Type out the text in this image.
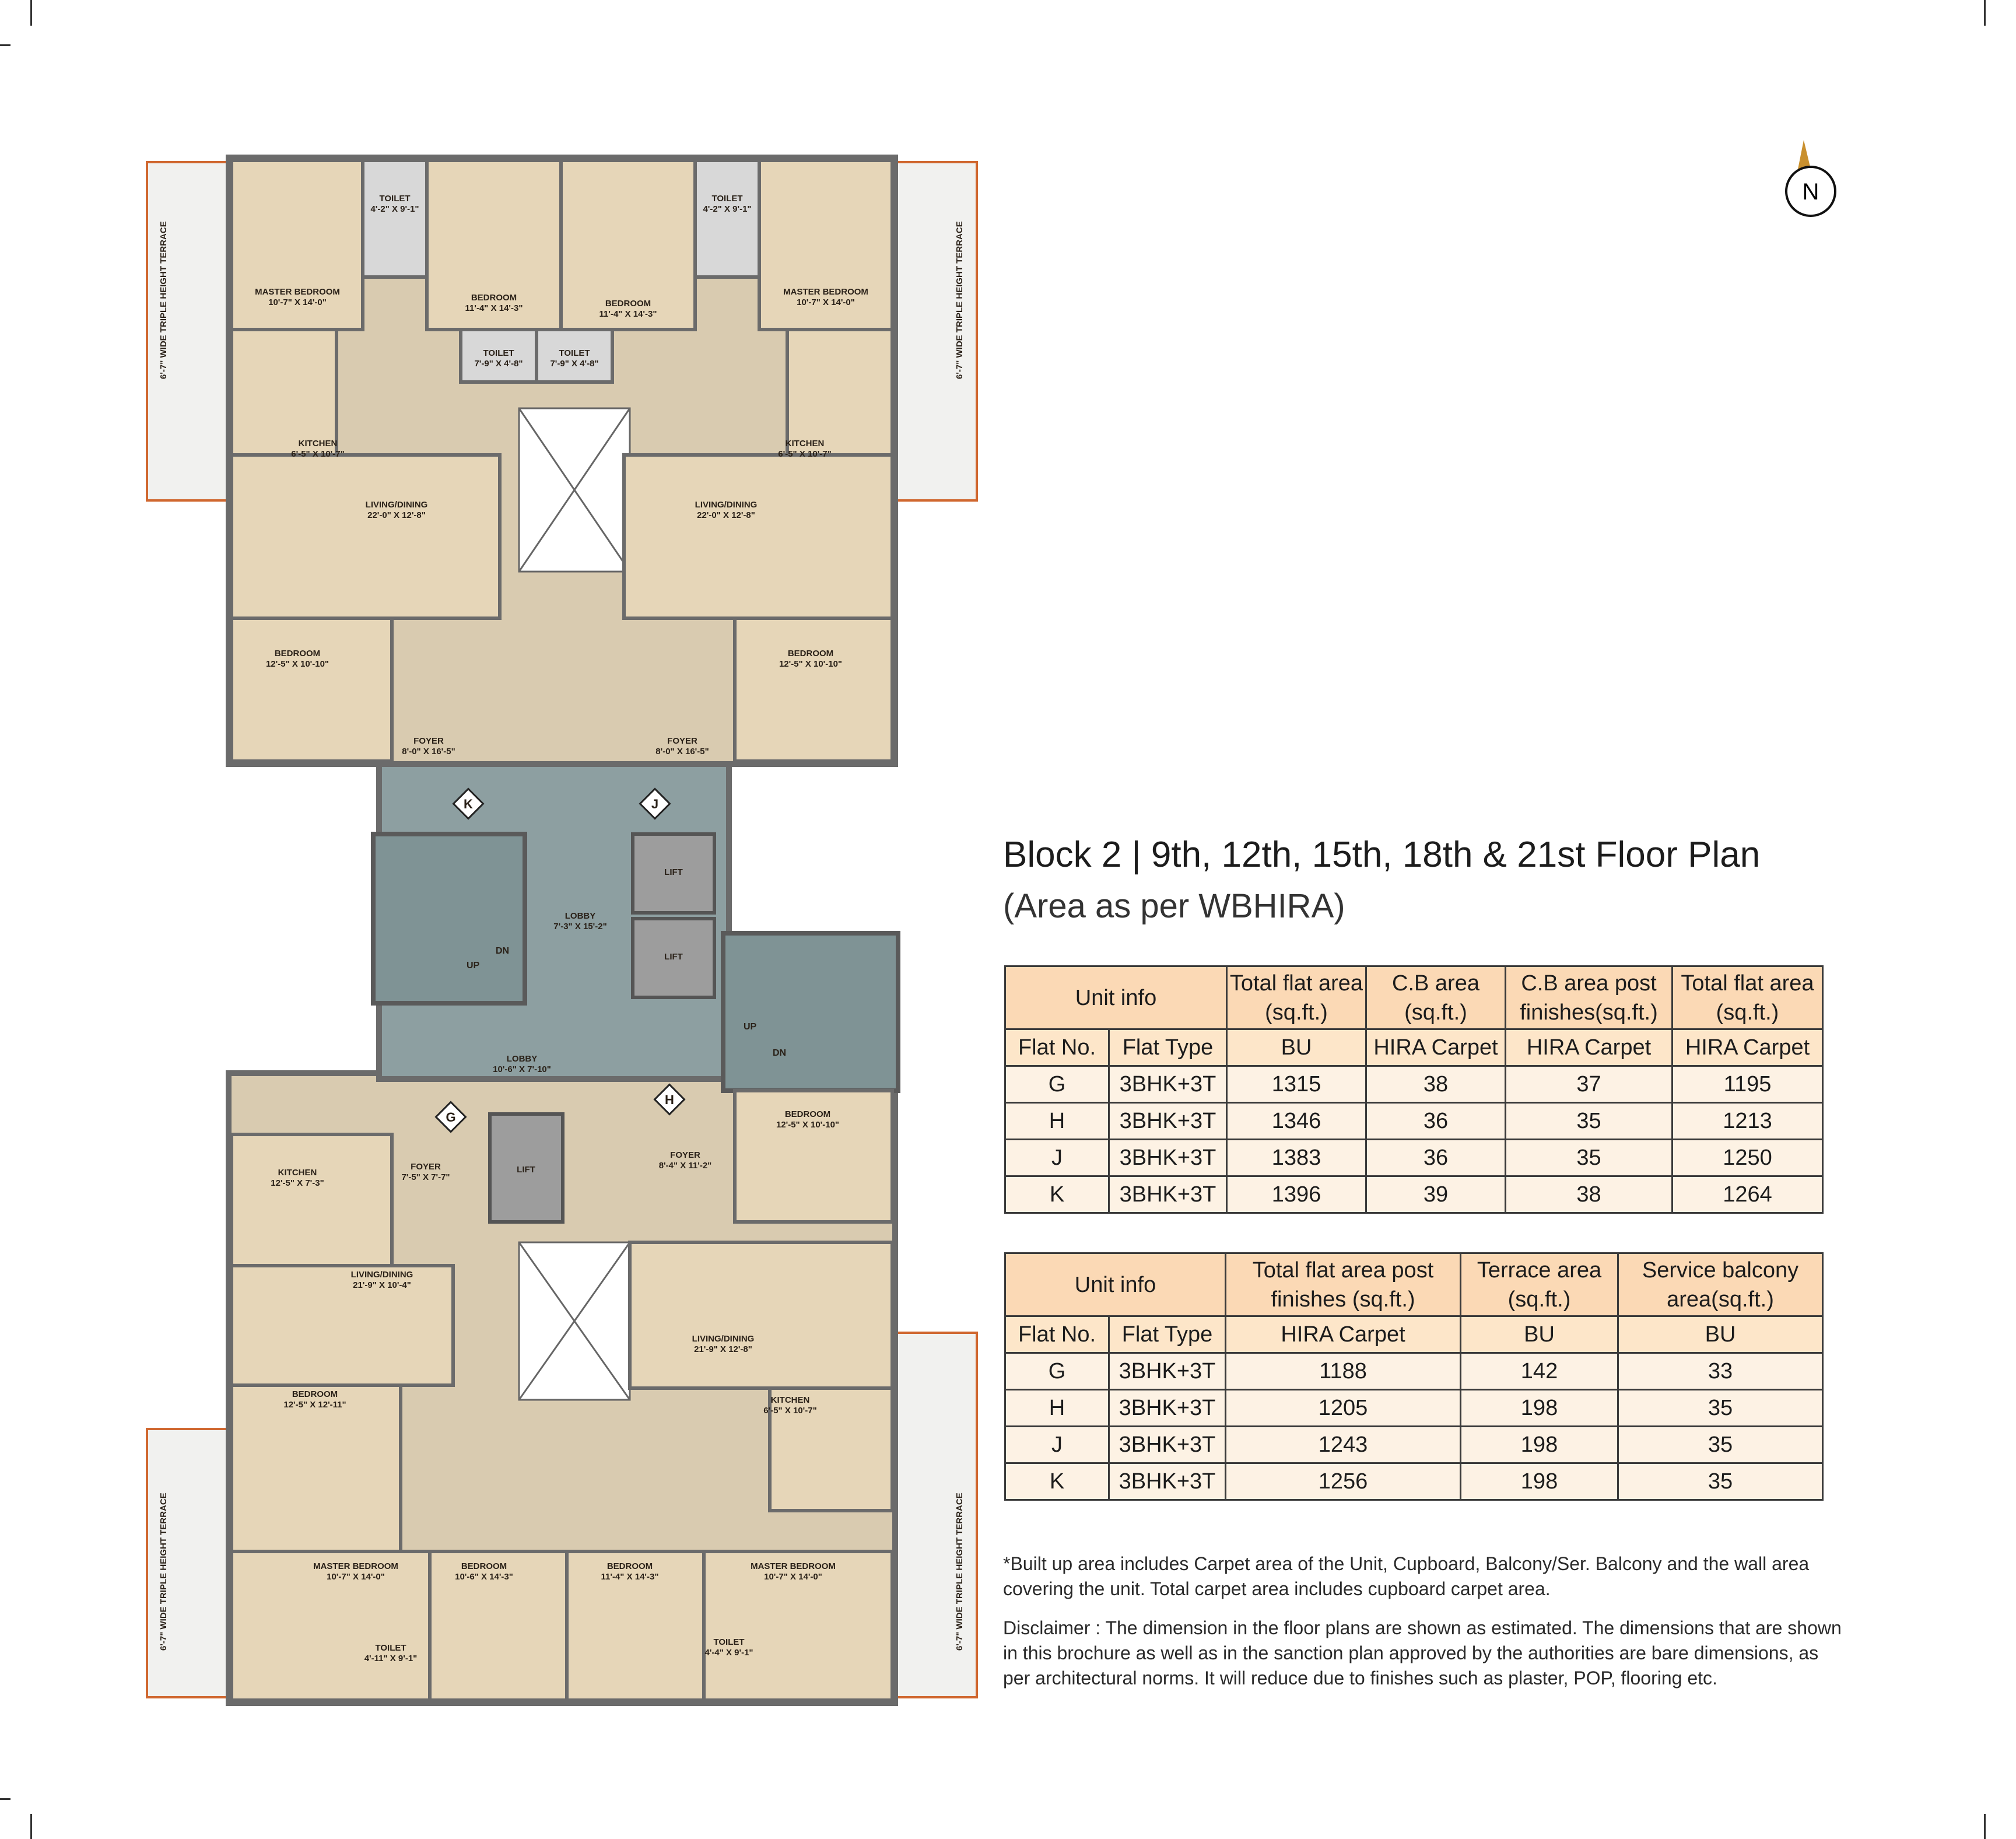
MASTER BEDROOM 10'-7" X 14'-0"
TOILET 4'-2" X 9'-1"
BEDROOM 11'-4" X 14'-3"	BEDROOM 11'-4" X 14'-3"
TOILET 4'-2" X 9'-1"
MASTER BEDROOM 10'-7" X 14'-0"
KITCHEN 6'-5" X 10'-7"
TOILET 7'-9" X 4'-8"
TOILET 7'-9" X 4'-8"
KITCHEN 6'-5" X 10'-7"
LIVING/DINING 22'-0" X 12'-8"
LIVING/DINING 22'-0" X 12'-8"
BEDROOM 12'-5" X 10'-10"
FOYER 8'-0" X 16'-5"
FOYER 8'-0" X 16'-5"
BEDROOM 12'-5" X 10'-10"
LOBBY 7'-3" X 15'-2"
LIFT
LIFT
LOBBY 10'-6" X 7'-10"
KITCHEN 12'-5" X 7'-3"
FOYER 7'-5" X 7'-7"
LIFT
FOYER 8'-4" X 11'-2"
BEDROOM 12'-5" X 10'-10"
LIVING/DINING 21'-9" X 10'-4"
LIVING/DINING 21'-9" X 12'-8"
BEDROOM 12'-5" X 12'-11"	KITCHEN 6'-5" X 10'-7"
MASTER BEDROOM 10'-7" X 14'-0"
BEDROOM 10'-6" X 14'-3"
BEDROOM 11'-4" X 14'-3"
MASTER BEDROOM 10'-7" X 14'-0"
TOILET 4'-11" X 9'-1"
TOILET 4'-4" X 9'-1"
6'-7" WIDE TRIPLE HEIGHT TERRACE	6'-7" WIDE TRIPLE HEIGHT TERRACE
6'-7" WIDE TRIPLE HEIGHT TERRACE	6'-7" WIDE TRIPLE HEIGHT TERRACE
K	J
G
H
UP
DN
UP
DN
N
Block 2 | 9th, 12th, 15th, 18th & 21st Floor Plan
(Area as per WBHIRA)
Unit info		Total flat area (sq.ft.)	C.B area (sq.ft.)	C.B area post finishes(sq.ft.)	Total flat area (sq.ft.)
Flat No.	Flat Type	BU	HIRA Carpet	HIRA Carpet	HIRA Carpet
G	3BHK+3T	1315	38	37	1195
H	3BHK+3T	1346	36	35	1213
J	3BHK+3T	1383	36	35	1250
K	3BHK+3T	1396	39	38	1264
Unit info		Total flat area post finishes (sq.ft.)	Terrace area (sq.ft.)	Service balcony area(sq.ft.)
Flat No.	Flat Type	HIRA Carpet	BU	BU
G	3BHK+3T	1188	142	33
H	3BHK+3T	1205	198	35
J	3BHK+3T	1243	198	35
K	3BHK+3T	1256	198	35
*Built up area includes Carpet area of the Unit, Cupboard, Balcony/Ser. Balcony and the wall area covering the unit. Total carpet area includes cupboard carpet area.
Disclaimer : The dimension in the floor plans are shown as estimated. The dimensions that are shown in this brochure as well as in the sanction plan approved by the authorities are bare dimensions, as per architectural norms. It will reduce due to finishes such as plaster, POP, flooring etc.
